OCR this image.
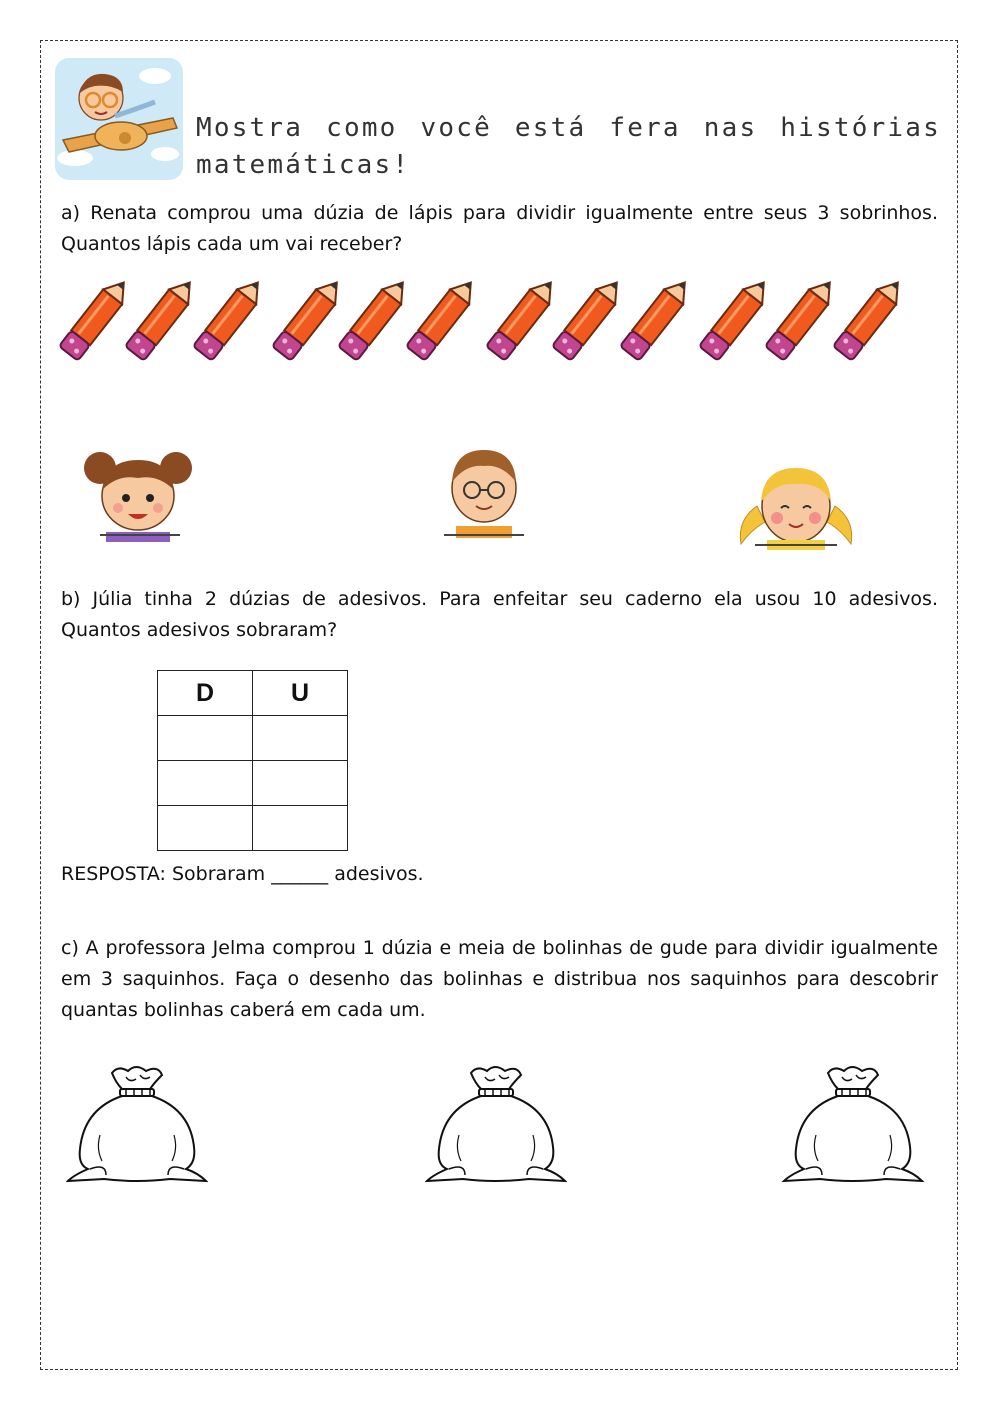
Mostra como você está fera nas histórias matemáticas!

a) Renata comprou uma dúzia de lápis para dividir igualmente entre seus 3 sobrinhos. Quantos lápis cada um vai receber?

b) Júlia tinha 2 dúzias de adesivos. Para enfeitar seu caderno ela usou 10 adesivos. Quantos adesivos sobraram?

D	U

RESPOSTA: Sobraram ______ adesivos.

c) A professora Jelma comprou 1 dúzia e meia de bolinhas de gude para dividir igualmente em 3 saquinhos. Faça o desenho das bolinhas e distribua nos saquinhos para descobrir quantas bolinhas caberá em cada um.
